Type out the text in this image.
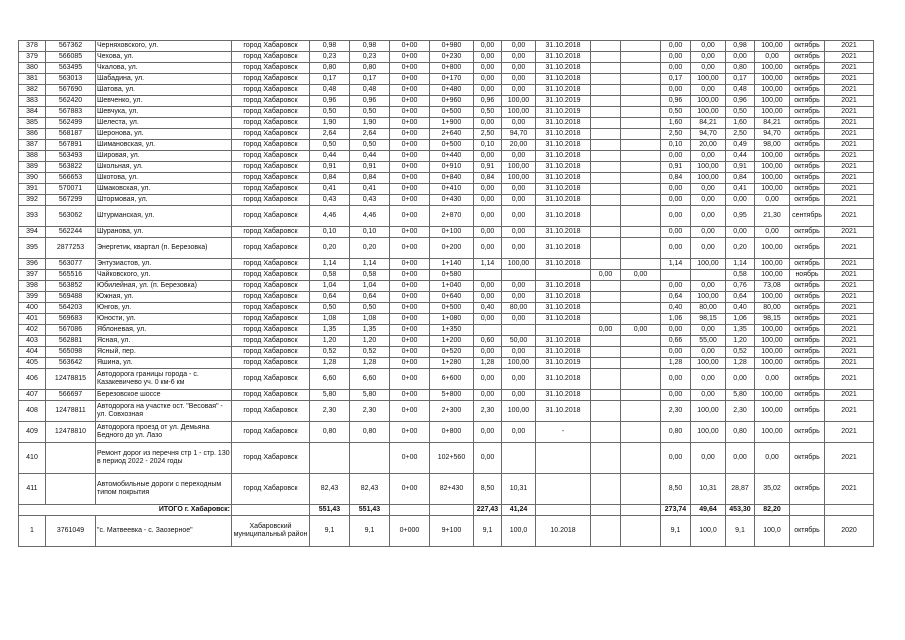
378	567362	Черняховского, ул.	город Хабаровск	0,98	0,98	0+00	0+980	0,00	0,00	31.10.2018			0,00	0,00	0,98	100,00	октябрь	2021
379	566085	Чехова, ул.	город Хабаровск	0,23	0,23	0+00	0+230	0,00	0,00	31.10.2018			0,00	0,00	0,00	0,00	октябрь	2021
380	563495	Чкалова, ул.	город Хабаровск	0,80	0,80	0+00	0+800	0,00	0,00	31.10.2018			0,00	0,00	0,80	100,00	октябрь	2021
381	563013	Шабадина, ул.	город Хабаровск	0,17	0,17	0+00	0+170	0,00	0,00	31.10.2018			0,17	100,00	0,17	100,00	октябрь	2021
382	567690	Шатова, ул.	город Хабаровск	0,48	0,48	0+00	0+480	0,00	0,00	31.10.2018			0,00	0,00	0,48	100,00	октябрь	2021
383	562420	Шевченко, ул.	город Хабаровск	0,96	0,96	0+00	0+960	0,96	100,00	31.10.2019			0,96	100,00	0,96	100,00	октябрь	2021
384	567883	Шевчука, ул.	город Хабаровск	0,50	0,50	0+00	0+500	0,50	100,00	31.10.2019			0,50	100,00	0,50	100,00	октябрь	2021
385	562499	Шелеста, ул.	город Хабаровск	1,90	1,90	0+00	1+900	0,00	0,00	31.10.2018			1,60	84,21	1,60	84,21	октябрь	2021
386	568187	Шеронова, ул.	город Хабаровск	2,64	2,64	0+00	2+640	2,50	94,70	31.10.2018			2,50	94,70	2,50	94,70	октябрь	2021
387	567891	Шимановская, ул.	город Хабаровск	0,50	0,50	0+00	0+500	0,10	20,00	31.10.2018			0,10	20,00	0,49	98,00	октябрь	2021
388	563493	Шировая, ул.	город Хабаровск	0,44	0,44	0+00	0+440	0,00	0,00	31.10.2018			0,00	0,00	0,44	100,00	октябрь	2021
389	563822	Школьная, ул.	город Хабаровск	0,91	0,91	0+00	0+910	0,91	100,00	31.10.2018			0,91	100,00	0,91	100,00	октябрь	2021
390	566653	Шкотова, ул.	город Хабаровск	0,84	0,84	0+00	0+840	0,84	100,00	31.10.2018			0,84	100,00	0,84	100,00	октябрь	2021
391	570071	Шмаковская, ул.	город Хабаровск	0,41	0,41	0+00	0+410	0,00	0,00	31.10.2018			0,00	0,00	0,41	100,00	октябрь	2021
392	567299	Штормовая, ул.	город Хабаровск	0,43	0,43	0+00	0+430	0,00	0,00	31.10.2018			0,00	0,00	0,00	0,00	октябрь	2021
393	563062	Штурманская, ул.	город Хабаровск	4,46	4,46	0+00	2+870	0,00	0,00	31.10.2018			0,00	0,00	0,95	21,30	сентябрь	2021
394	562244	Шуранова, ул.	город Хабаровск	0,10	0,10	0+00	0+100	0,00	0,00	31.10.2018			0,00	0,00	0,00	0,00	октябрь	2021
395	2877253	Энергетик, квартал (п. Березовка)	город Хабаровск	0,20	0,20	0+00	0+200	0,00	0,00	31.10.2018			0,00	0,00	0,20	100,00	октябрь	2021
396	563077	Энтузиастов, ул.	город Хабаровск	1,14	1,14	0+00	1+140	1,14	100,00	31.10.2018			1,14	100,00	1,14	100,00	октябрь	2021
397	565516	Чайковского, ул.	город Хабаровск	0,58	0,58	0+00	0+580				0,00	0,00			0,58	100,00	ноябрь	2021
398	563852	Юбилейная, ул. (п. Березовка)	город Хабаровск	1,04	1,04	0+00	1+040	0,00	0,00	31.10.2018			0,00	0,00	0,76	73,08	октябрь	2021
399	569488	Южная, ул.	город Хабаровск	0,64	0,64	0+00	0+640	0,00	0,00	31.10.2018			0,64	100,00	0,64	100,00	октябрь	2021
400	564203	Юнгов, ул.	город Хабаровск	0,50	0,50	0+00	0+500	0,40	80,00	31.10.2018			0,40	80,00	0,40	80,00	октябрь	2021
401	569683	Юности, ул.	город Хабаровск	1,08	1,08	0+00	1+080	0,00	0,00	31.10.2018			1,06	98,15	1,06	98,15	октябрь	2021
402	567086	Яблоневая, ул.	город Хабаровск	1,35	1,35	0+00	1+350				0,00	0,00	0,00	0,00	1,35	100,00	октябрь	2021
403	562881	Ясная, ул.	город Хабаровск	1,20	1,20	0+00	1+200	0,60	50,00	31.10.2018			0,66	55,00	1,20	100,00	октябрь	2021
404	565098	Ясный, пер.	город Хабаровск	0,52	0,52	0+00	0+520	0,00	0,00	31.10.2018			0,00	0,00	0,52	100,00	октябрь	2021
405	563642	Яшина, ул.	город Хабаровск	1,28	1,28	0+00	1+280	1,28	100,00	31.10.2019			1,28	100,00	1,28	100,00	октябрь	2021
406	12478815	Автодорога границы города - с. Казакевичево уч. 0 км-6 км	город Хабаровск	6,60	6,60	0+00	6+600	0,00	0,00	31.10.2018			0,00	0,00	0,00	0,00	октябрь	2021
407	566697	Березовское шоссе	город Хабаровск	5,80	5,80	0+00	5+800	0,00	0,00	31.10.2018			0,00	0,00	5,80	100,00	октябрь	2021
408	12478811	Автодорога на участке ост. "Весовая" - ул. Совхозная	город Хабаровск	2,30	2,30	0+00	2+300	2,30	100,00	31.10.2018			2,30	100,00	2,30	100,00	октябрь	2021
409	12478810	Автодорога проезд от ул. Демьяна Бедного до ул. Лазо	город Хабаровск	0,80	0,80	0+00	0+800	0,00	0,00	-			0,80	100,00	0,80	100,00	октябрь	2021
410		Ремонт дорог из перечня стр 1 - стр. 130 в период 2022 - 2024 годы	город Хабаровск			0+00	102+560	0,00					0,00	0,00	0,00	0,00	октябрь	2021
411		Автомобильные дороги с переходным типом покрытия	город Хабаровск	82,43	82,43	0+00	82+430	8,50	10,31				8,50	10,31	28,87	35,02	октябрь	2021
ИТОГО г. Хабаровск:				551,43	551,43			227,43	41,24				273,74	49,64	453,30	82,20		
1	3761049	"с. Матвеевка - с. Заозерное"	Хабаровский муниципальный район	9,1	9,1	0+000	9+100	9,1	100,0	10.2018			9,1	100,0	9,1	100,0	октябрь	2020
